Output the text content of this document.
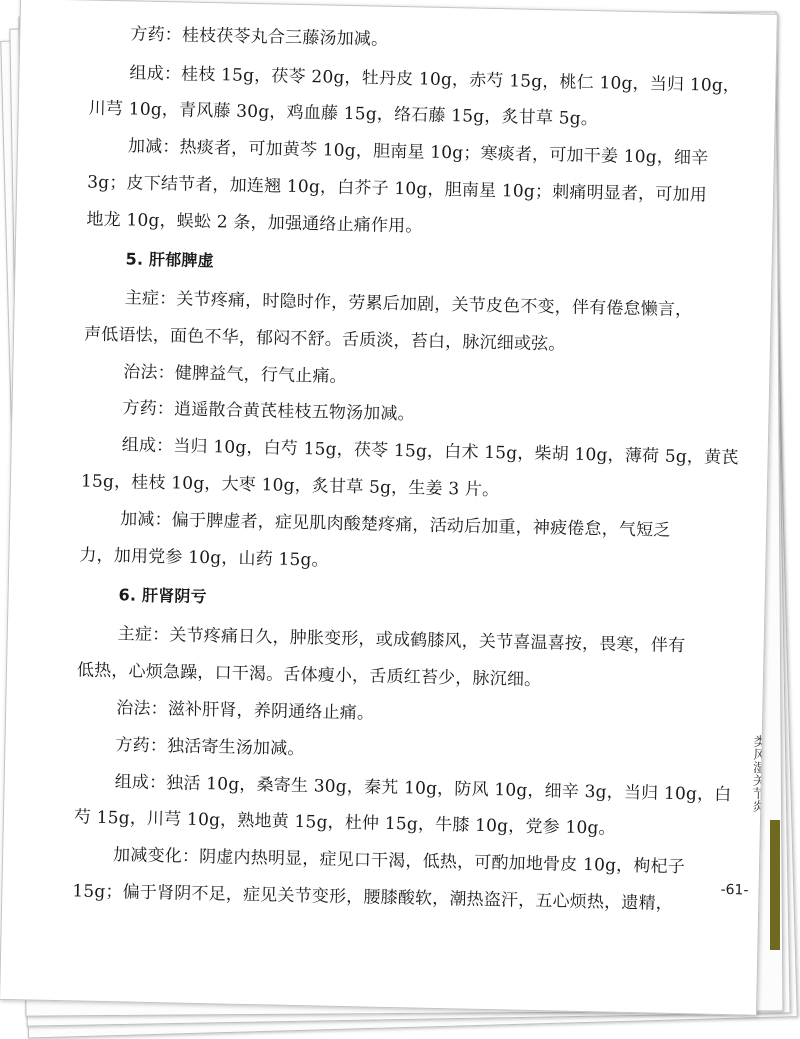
方药：桂枝茯苓丸合三藤汤加减。
组成：桂枝 15g，茯苓 20g，牡丹皮 10g，赤芍 15g，桃仁 10g，当归 10g，
川芎 10g，青风藤 30g，鸡血藤 15g，络石藤 15g，炙甘草 5g。
加减：热痰者，可加黄芩 10g，胆南星 10g；寒痰者，可加干姜 10g，细辛
3g；皮下结节者，加连翘 10g，白芥子 10g，胆南星 10g；刺痛明显者，可加用
地龙 10g，蜈蚣 2 条，加强通络止痛作用。
5. 肝郁脾虚
主症：关节疼痛，时隐时作，劳累后加剧，关节皮色不变，伴有倦怠懒言，
声低语怯，面色不华，郁闷不舒。舌质淡，苔白，脉沉细或弦。
治法：健脾益气，行气止痛。
方药：逍遥散合黄芪桂枝五物汤加减。
组成：当归 10g，白芍 15g，茯苓 15g，白术 15g，柴胡 10g，薄荷 5g，黄芪
15g，桂枝 10g，大枣 10g，炙甘草 5g，生姜 3 片。
加减：偏于脾虚者，症见肌肉酸楚疼痛，活动后加重，神疲倦怠，气短乏
力，加用党参 10g，山药 15g。
6. 肝肾阴亏
主症：关节疼痛日久，肿胀变形，或成鹤膝风，关节喜温喜按，畏寒，伴有
低热，心烦急躁，口干渴。舌体瘦小，舌质红苔少，脉沉细。
治法：滋补肝肾，养阴通络止痛。
方药：独活寄生汤加减。
组成：独活 10g，桑寄生 30g，秦艽 10g，防风 10g，细辛 3g，当归 10g，白
芍 15g，川芎 10g，熟地黄 15g，杜仲 15g，牛膝 10g，党参 10g。
加减变化：阴虚内热明显，症见口干渴，低热，可酌加地骨皮 10g，枸杞子
15g；偏于肾阴不足，症见关节变形，腰膝酸软，潮热盗汗，五心烦热，遗精，
类风湿关节炎
-61-
